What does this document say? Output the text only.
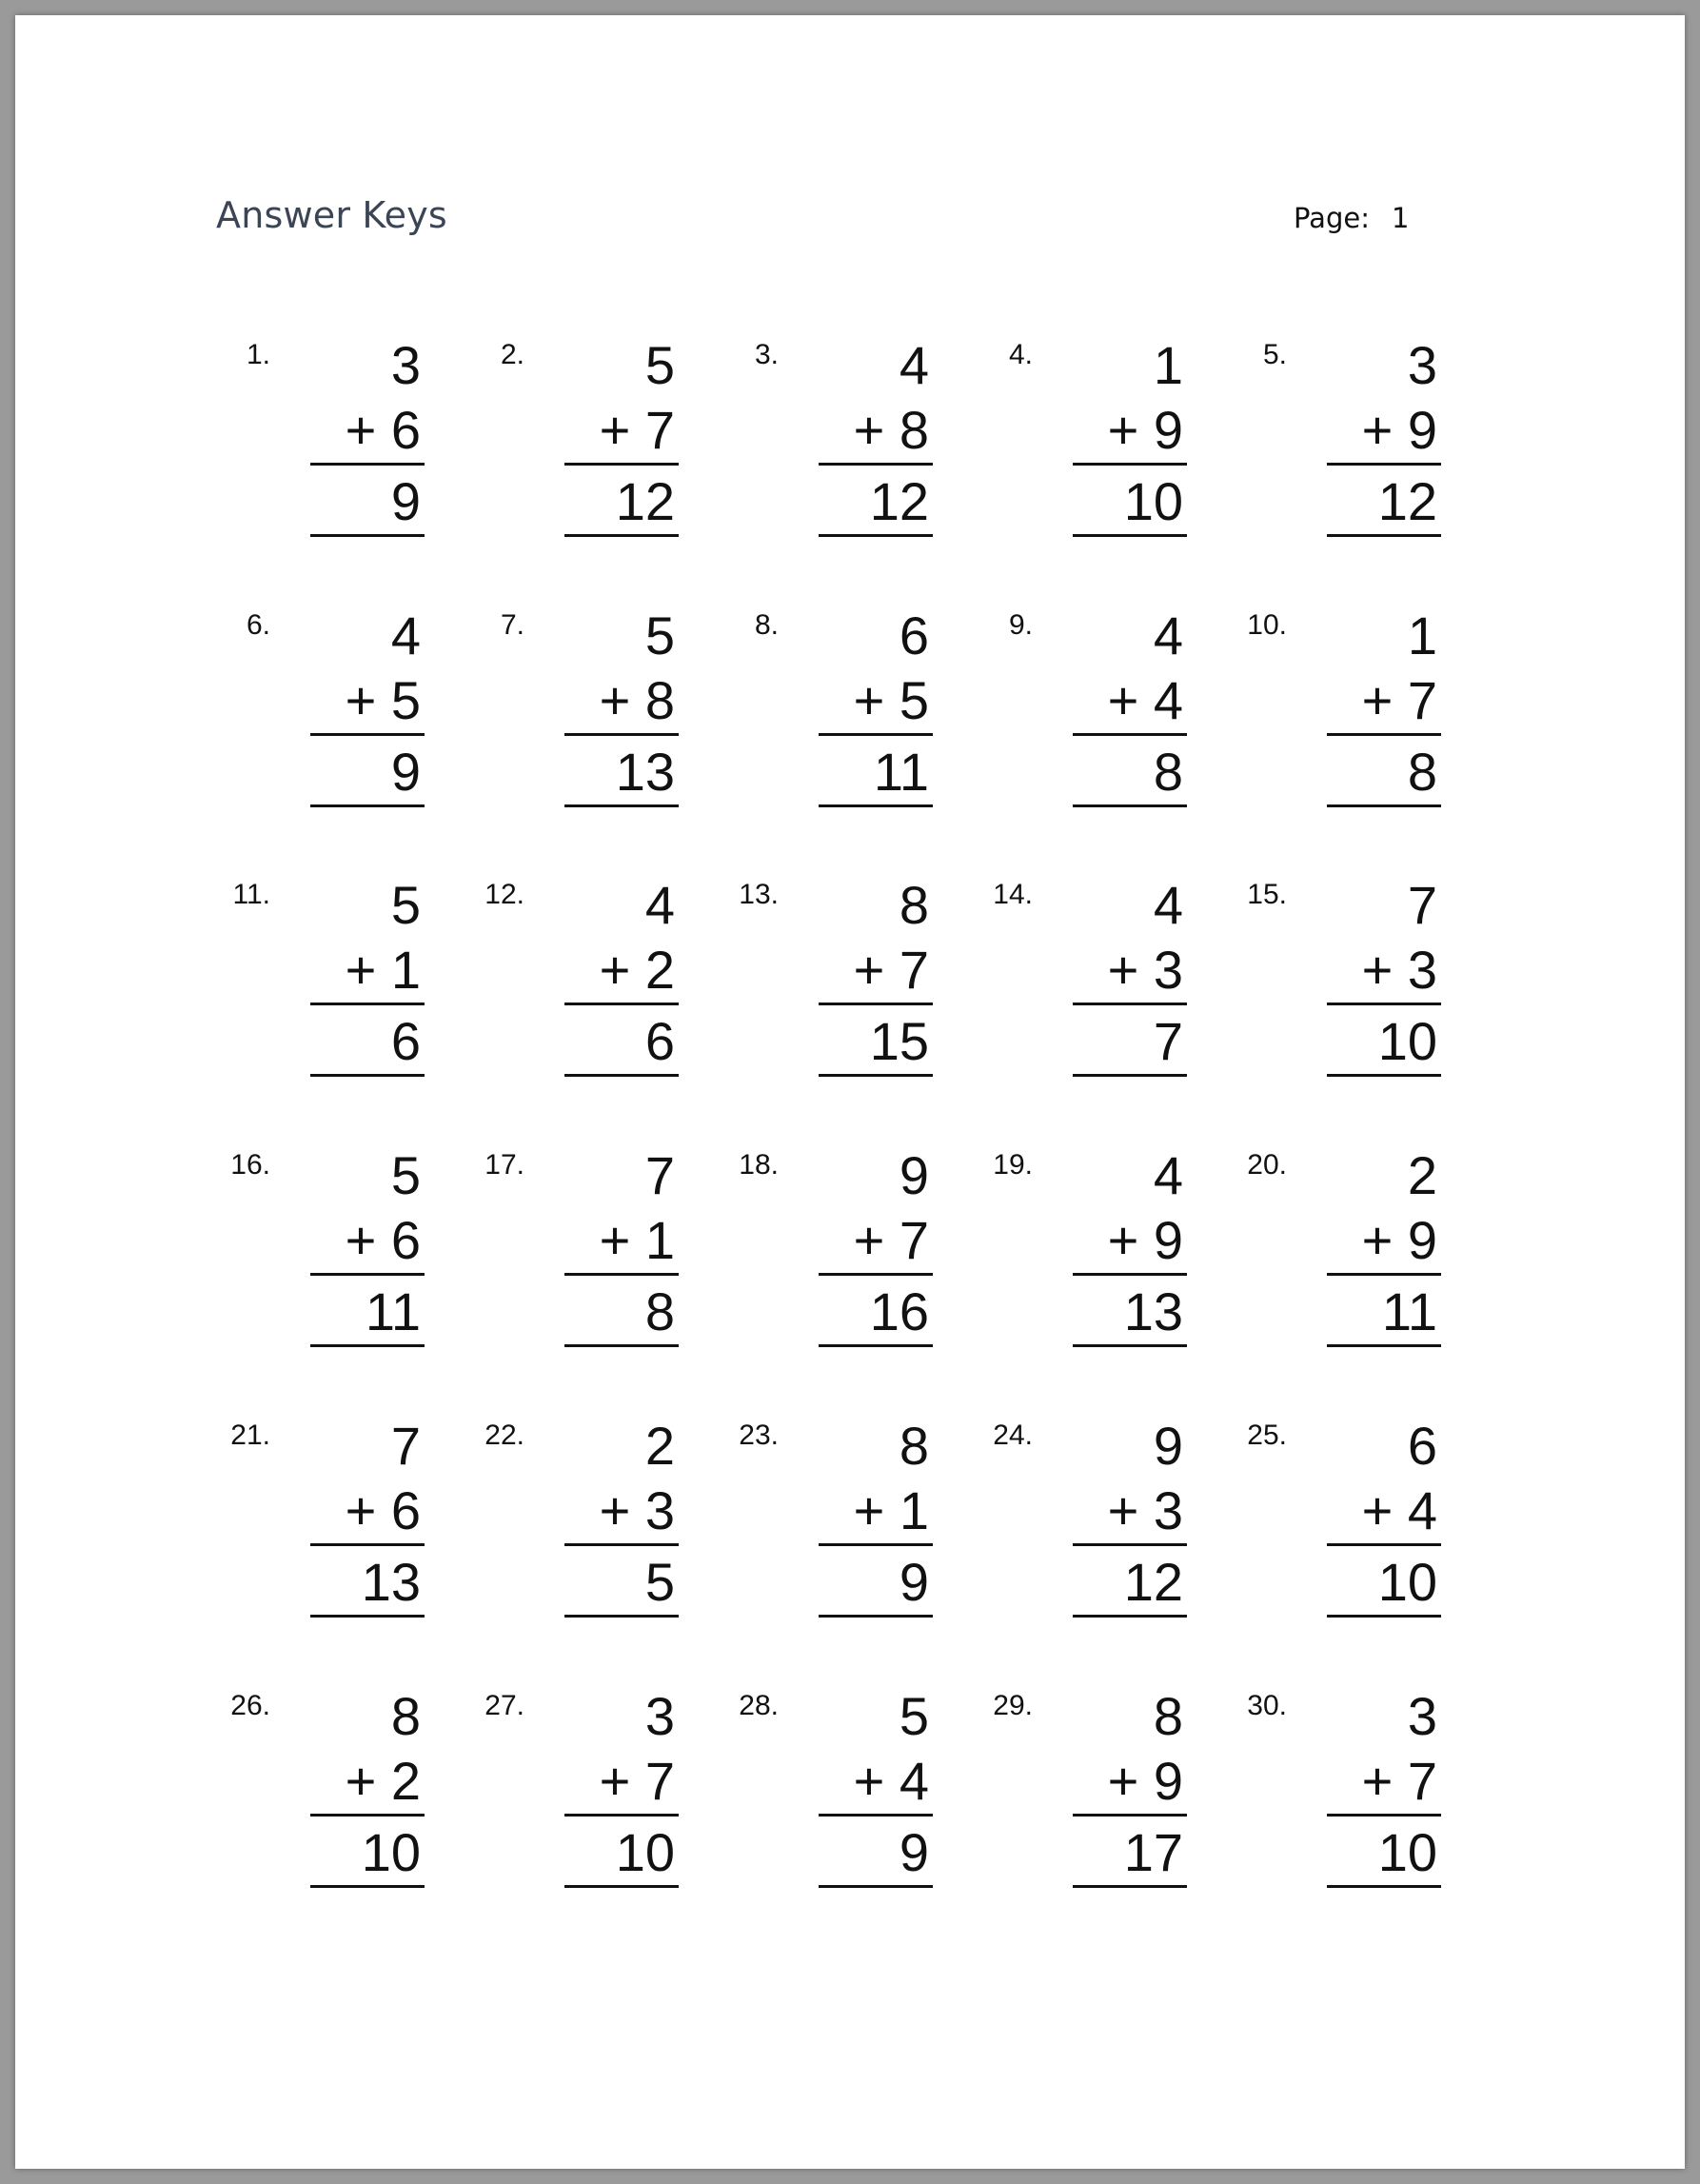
Answer Keys	Page: 1
1.	3
+ 6
9
2.	5
+ 7
12
3.	4
+ 8
12
4.	1
+ 9
10
5.	3
+ 9
12
6.	4
+ 5
9
7.	5
+ 8
13
8.	6
+ 5
11
9.	4
+ 4
8
10.	1
+ 7
8
11.	5
+ 1
6
12.	4
+ 2
6
13.	8
+ 7
15
14.	4
+ 3
7
15.	7
+ 3
10
16.	5
+ 6
11
17.	7
+ 1
8
18.	9
+ 7
16
19.	4
+ 9
13
20.	2
+ 9
11
21.	7
+ 6
13
22.	2
+ 3
5
23.	8
+ 1
9
24.	9
+ 3
12
25.	6
+ 4
10
26.	8
+ 2
10
27.	3
+ 7
10
28.	5
+ 4
9
29.	8
+ 9
17
30.	3
+ 7
10
